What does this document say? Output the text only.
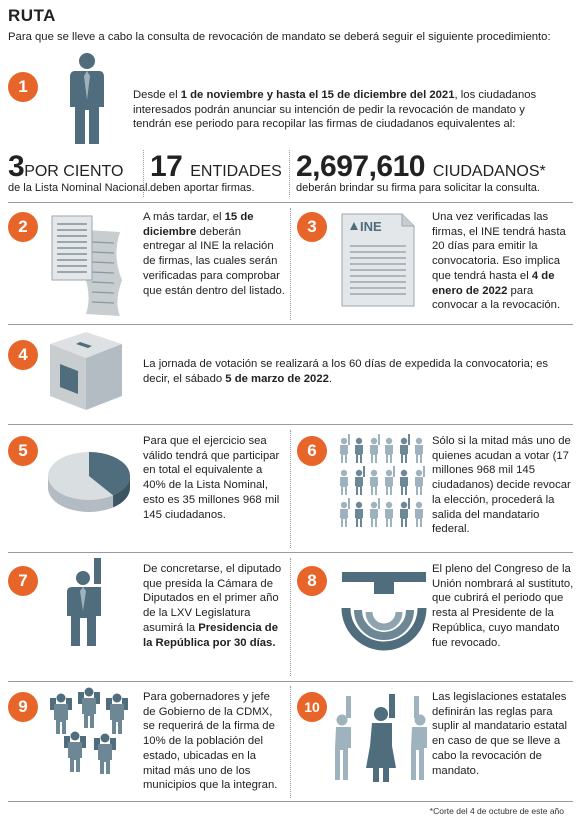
RUTA
Para que se lleve a cabo la consulta de revocación de mandato se deberá seguir el siguiente procedimiento:
1	Desde el 1 de noviembre y hasta el 15 de diciembre del 2021, los ciudadanos interesados podrán anunciar su intención de pedir la revocación de mandato y tendrán ese periodo para recopilar las firmas de ciudadanos equivalentes al:
3POR CIENTO
de la Lista Nominal Nacional.
17 ENTIDADES
deben aportar firmas.
2,697,610 CIUDADANOS*
deberán brindar su firma para solicitar la consulta.
2	A más tardar, el 15 de diciembre deberán entregar al INE la relación de firmas, las cuales serán verificadas para comprobar que están dentro del listado.
3	INE
Una vez verificadas las firmas, el INE tendrá hasta 20 días para emitir la convocatoria. Eso implica que tendrá hasta el 4 de enero de 2022 para convocar a la revocación.
4	La jornada de votación se realizará a los 60 días de expedida la convocatoria; es decir, el sábado 5 de marzo de 2022.
5	Para que el ejercicio sea válido tendrá que participar en total el equivalente a 40% de la Lista Nominal, esto es 35 millones 968 mil 145 ciudadanos.
6	Sólo si la mitad más uno de quienes acudan a votar (17 millones 968 mil 145 ciudadanos) decide revocar la elección, procederá la salida del mandatario federal.
7
De concretarse, el diputado que presida la Cámara de Diputados en el primer año de la LXV Legislatura asumirá la Presidencia de la República por 30 días.
8
El pleno del Congreso de la Unión nombrará al sustituto, que cubrirá el periodo que resta al Presidente de la República, cuyo mandato fue revocado.
9	Para gobernadores y jefe de Gobierno de la CDMX, se requerirá de la firma de 10% de la población del estado, ubicadas en la mitad más uno de los municipios que la integran.
10
Las legislaciones estatales definirán las reglas para suplir al mandatario estatal en caso de que se lleve a cabo la revocación de mandato.
*Corte del 4 de octubre de este año
